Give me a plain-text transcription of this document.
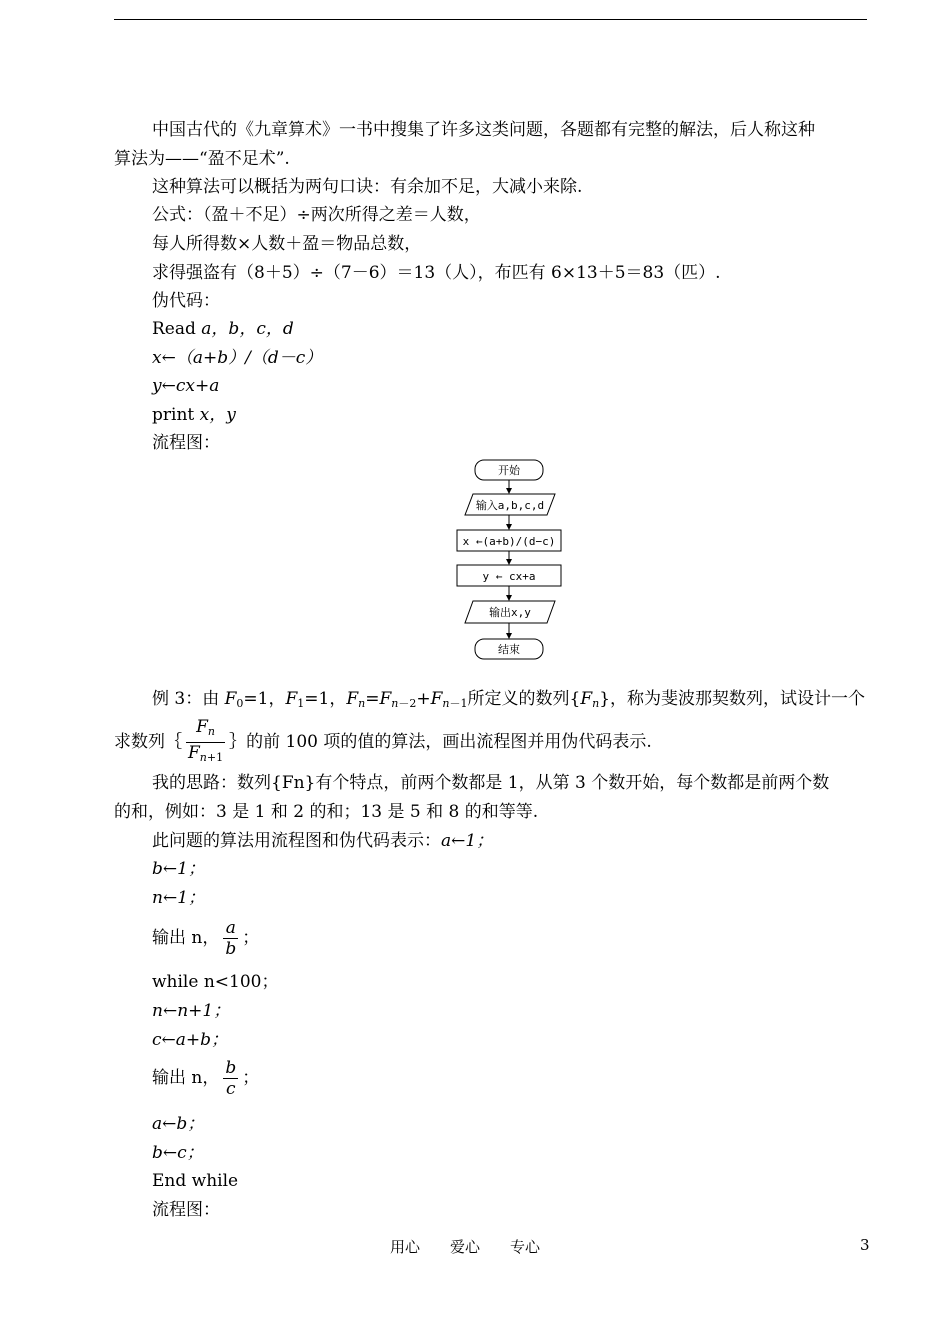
中国古代的《九章算术》一书中搜集了许多这类问题，各题都有完整的解法，后人称这种
算法为——“盈不足术”.
这种算法可以概括为两句口诀：有余加不足，大减小来除.
公式：（盈＋不足）÷两次所得之差＝人数，
每人所得数×人数＋盈＝物品总数，
求得强盗有（8＋5）÷（7－6）＝13（人），布匹有 6×13＋5＝83（匹）.
伪代码：
Read a，b，c，d
x←（a+b）/（d－c）
y←cx+a
print x，y
流程图：
开始
输入a,b,c,d
x ←(a+b)/(d−c)
y ← cx+a
输出x,y
结束
例 3：由 $F_0=1$，$F_1=1$，$F_n=F_{n-2}+F_{n-1}$所定义的数列$\{F_n\}$，称为斐波那契数列，试设计一个
求数列｛ $\frac{F_n}{F_{n+1}}$ ｝的前 100 项的值的算法，画出流程图并用伪代码表示.
我的思路：数列{Fn}有个特点，前两个数都是 1，从第 3 个数开始，每个数都是前两个数
的和，例如：3 是 1 和 2 的和；13 是 5 和 8 的和等等.
此问题的算法用流程图和伪代码表示：a←1；
b←1；
n←1；
输出 n， $\frac{a}{b}$ ；
while n<100；
n←n+1；
c←a+b；
输出 n， $\frac{b}{c}$ ；
a←b；
b←c；
End while
流程图：
用心 爱心 专心	3
